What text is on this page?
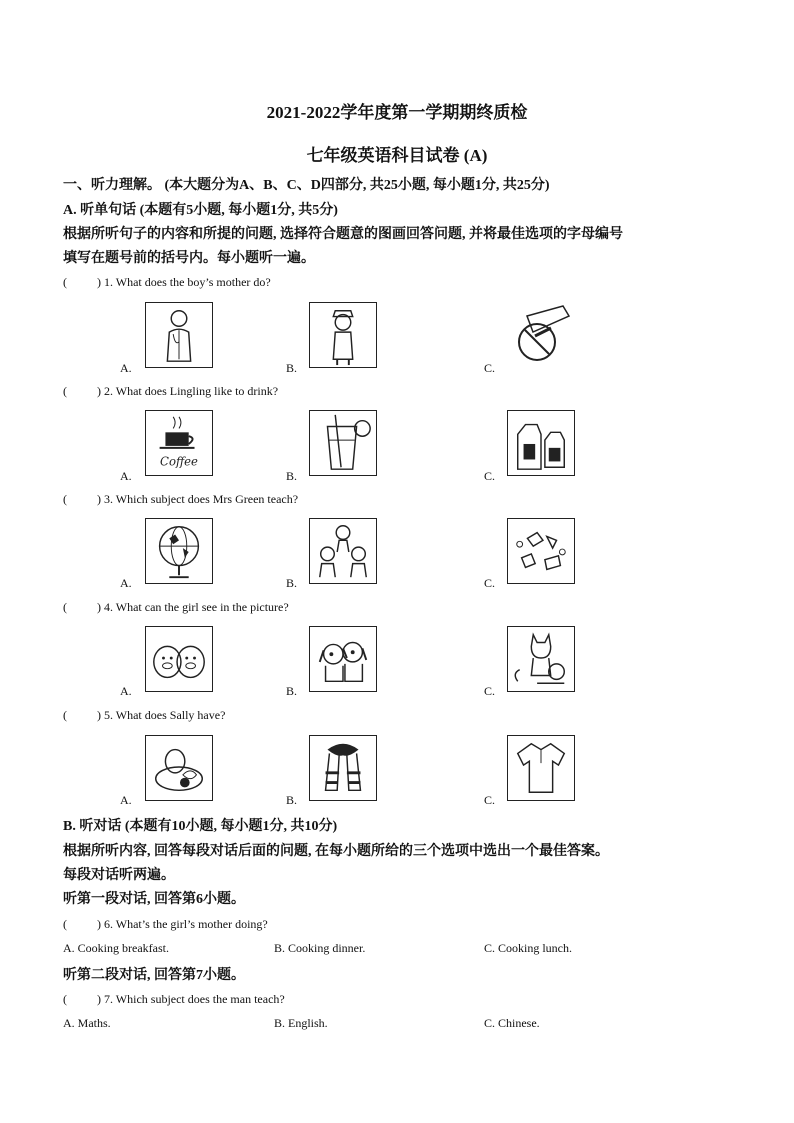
2021-2022学年度第一学期期终质检
七年级英语科目试卷 (A)
一、听力理解。 (本大题分为A、B、C、D四部分, 共25小题, 每小题1分, 共25分)
A. 听单句话 (本题有5小题, 每小题1分, 共5分)
根据所听句子的内容和所提的问题, 选择符合题意的图画回答问题, 并将最佳选项的字母编号
填写在题号前的括号内。每小题听一遍。
(	) 1. What does the boy’s mother do?
A.	B.	C.
(	) 2. What does Lingling like to drink?
A.	B.	C.
Coffee
(	) 3. Which subject does Mrs Green teach?
A.	B.	C.
(	) 4. What can the girl see in the picture?
A.	B.	C.
(	) 5. What does Sally have?
A.	B.	C.
B. 听对话 (本题有10小题, 每小题1分, 共10分)
根据所听内容, 回答每段对话后面的问题, 在每小题所给的三个选项中选出一个最佳答案。
每段对话听两遍。
听第一段对话, 回答第6小题。
(	) 6. What’s the girl’s mother doing?
A. Cooking breakfast.	B. Cooking dinner.	C. Cooking lunch.
听第二段对话, 回答第7小题。
(	) 7. Which subject does the man teach?
A. Maths.	B. English.	C. Chinese.
